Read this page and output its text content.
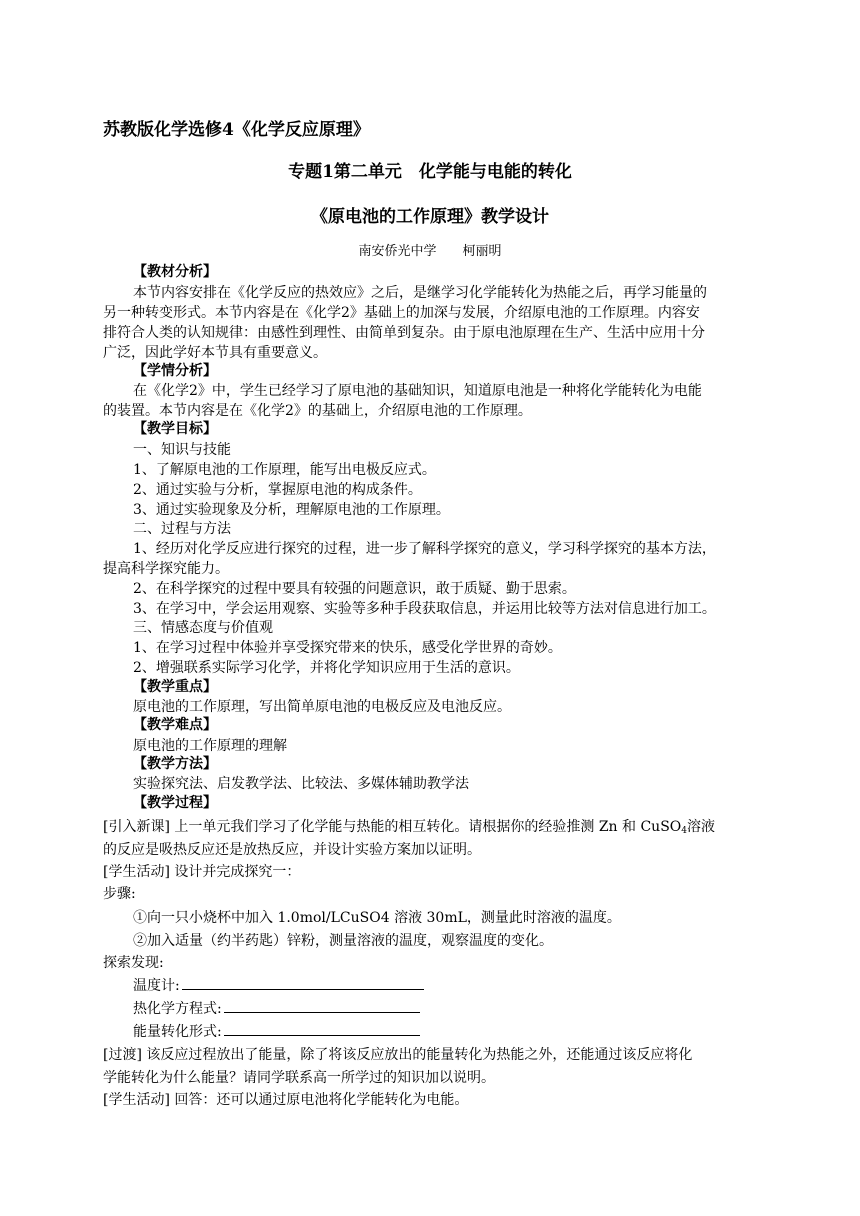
苏教版化学选修4《化学反应原理》
专题1第二单元　化学能与电能的转化
《原电池的工作原理》教学设计
南安侨光中学　　柯丽明
【教材分析】
本节内容安排在《化学反应的热效应》之后，是继学习化学能转化为热能之后，再学习能量的
另一种转变形式。本节内容是在《化学2》基础上的加深与发展，介绍原电池的工作原理。内容安
排符合人类的认知规律：由感性到理性、由简单到复杂。由于原电池原理在生产、生活中应用十分
广泛，因此学好本节具有重要意义。
【学情分析】
在《化学2》中，学生已经学习了原电池的基础知识，知道原电池是一种将化学能转化为电能
的装置。本节内容是在《化学2》的基础上，介绍原电池的工作原理。
【教学目标】
一、知识与技能
1、了解原电池的工作原理，能写出电极反应式。
2、通过实验与分析，掌握原电池的构成条件。
3、通过实验现象及分析，理解原电池的工作原理。
二、过程与方法
1、经历对化学反应进行探究的过程，进一步了解科学探究的意义，学习科学探究的基本方法，
提高科学探究能力。
2、在科学探究的过程中要具有较强的问题意识，敢于质疑、勤于思索。
3、在学习中，学会运用观察、实验等多种手段获取信息，并运用比较等方法对信息进行加工。
三、情感态度与价值观
1、在学习过程中体验并享受探究带来的快乐，感受化学世界的奇妙。
2、增强联系实际学习化学，并将化学知识应用于生活的意识。
【教学重点】
原电池的工作原理，写出简单原电池的电极反应及电池反应。
【教学难点】
原电池的工作原理的理解
【教学方法】
实验探究法、启发教学法、比较法、多媒体辅助教学法
【教学过程】
[引入新课] 上一单元我们学习了化学能与热能的相互转化。请根据你的经验推测 Zn 和 CuSO$_4$溶液
的反应是吸热反应还是放热反应，并设计实验方案加以证明。
[学生活动] 设计并完成探究一：
步骤:
①向一只小烧杯中加入 1.0mol/LCuSO4 溶液 30mL，测量此时溶液的温度。
②加入适量（约半药匙）锌粉，测量溶液的温度，观察温度的变化。
探索发现:
温度计:
热化学方程式:
能量转化形式:
[过渡] 该反应过程放出了能量，除了将该反应放出的能量转化为热能之外，还能通过该反应将化
学能转化为什么能量？请同学联系高一所学过的知识加以说明。
[学生活动] 回答：还可以通过原电池将化学能转化为电能。
